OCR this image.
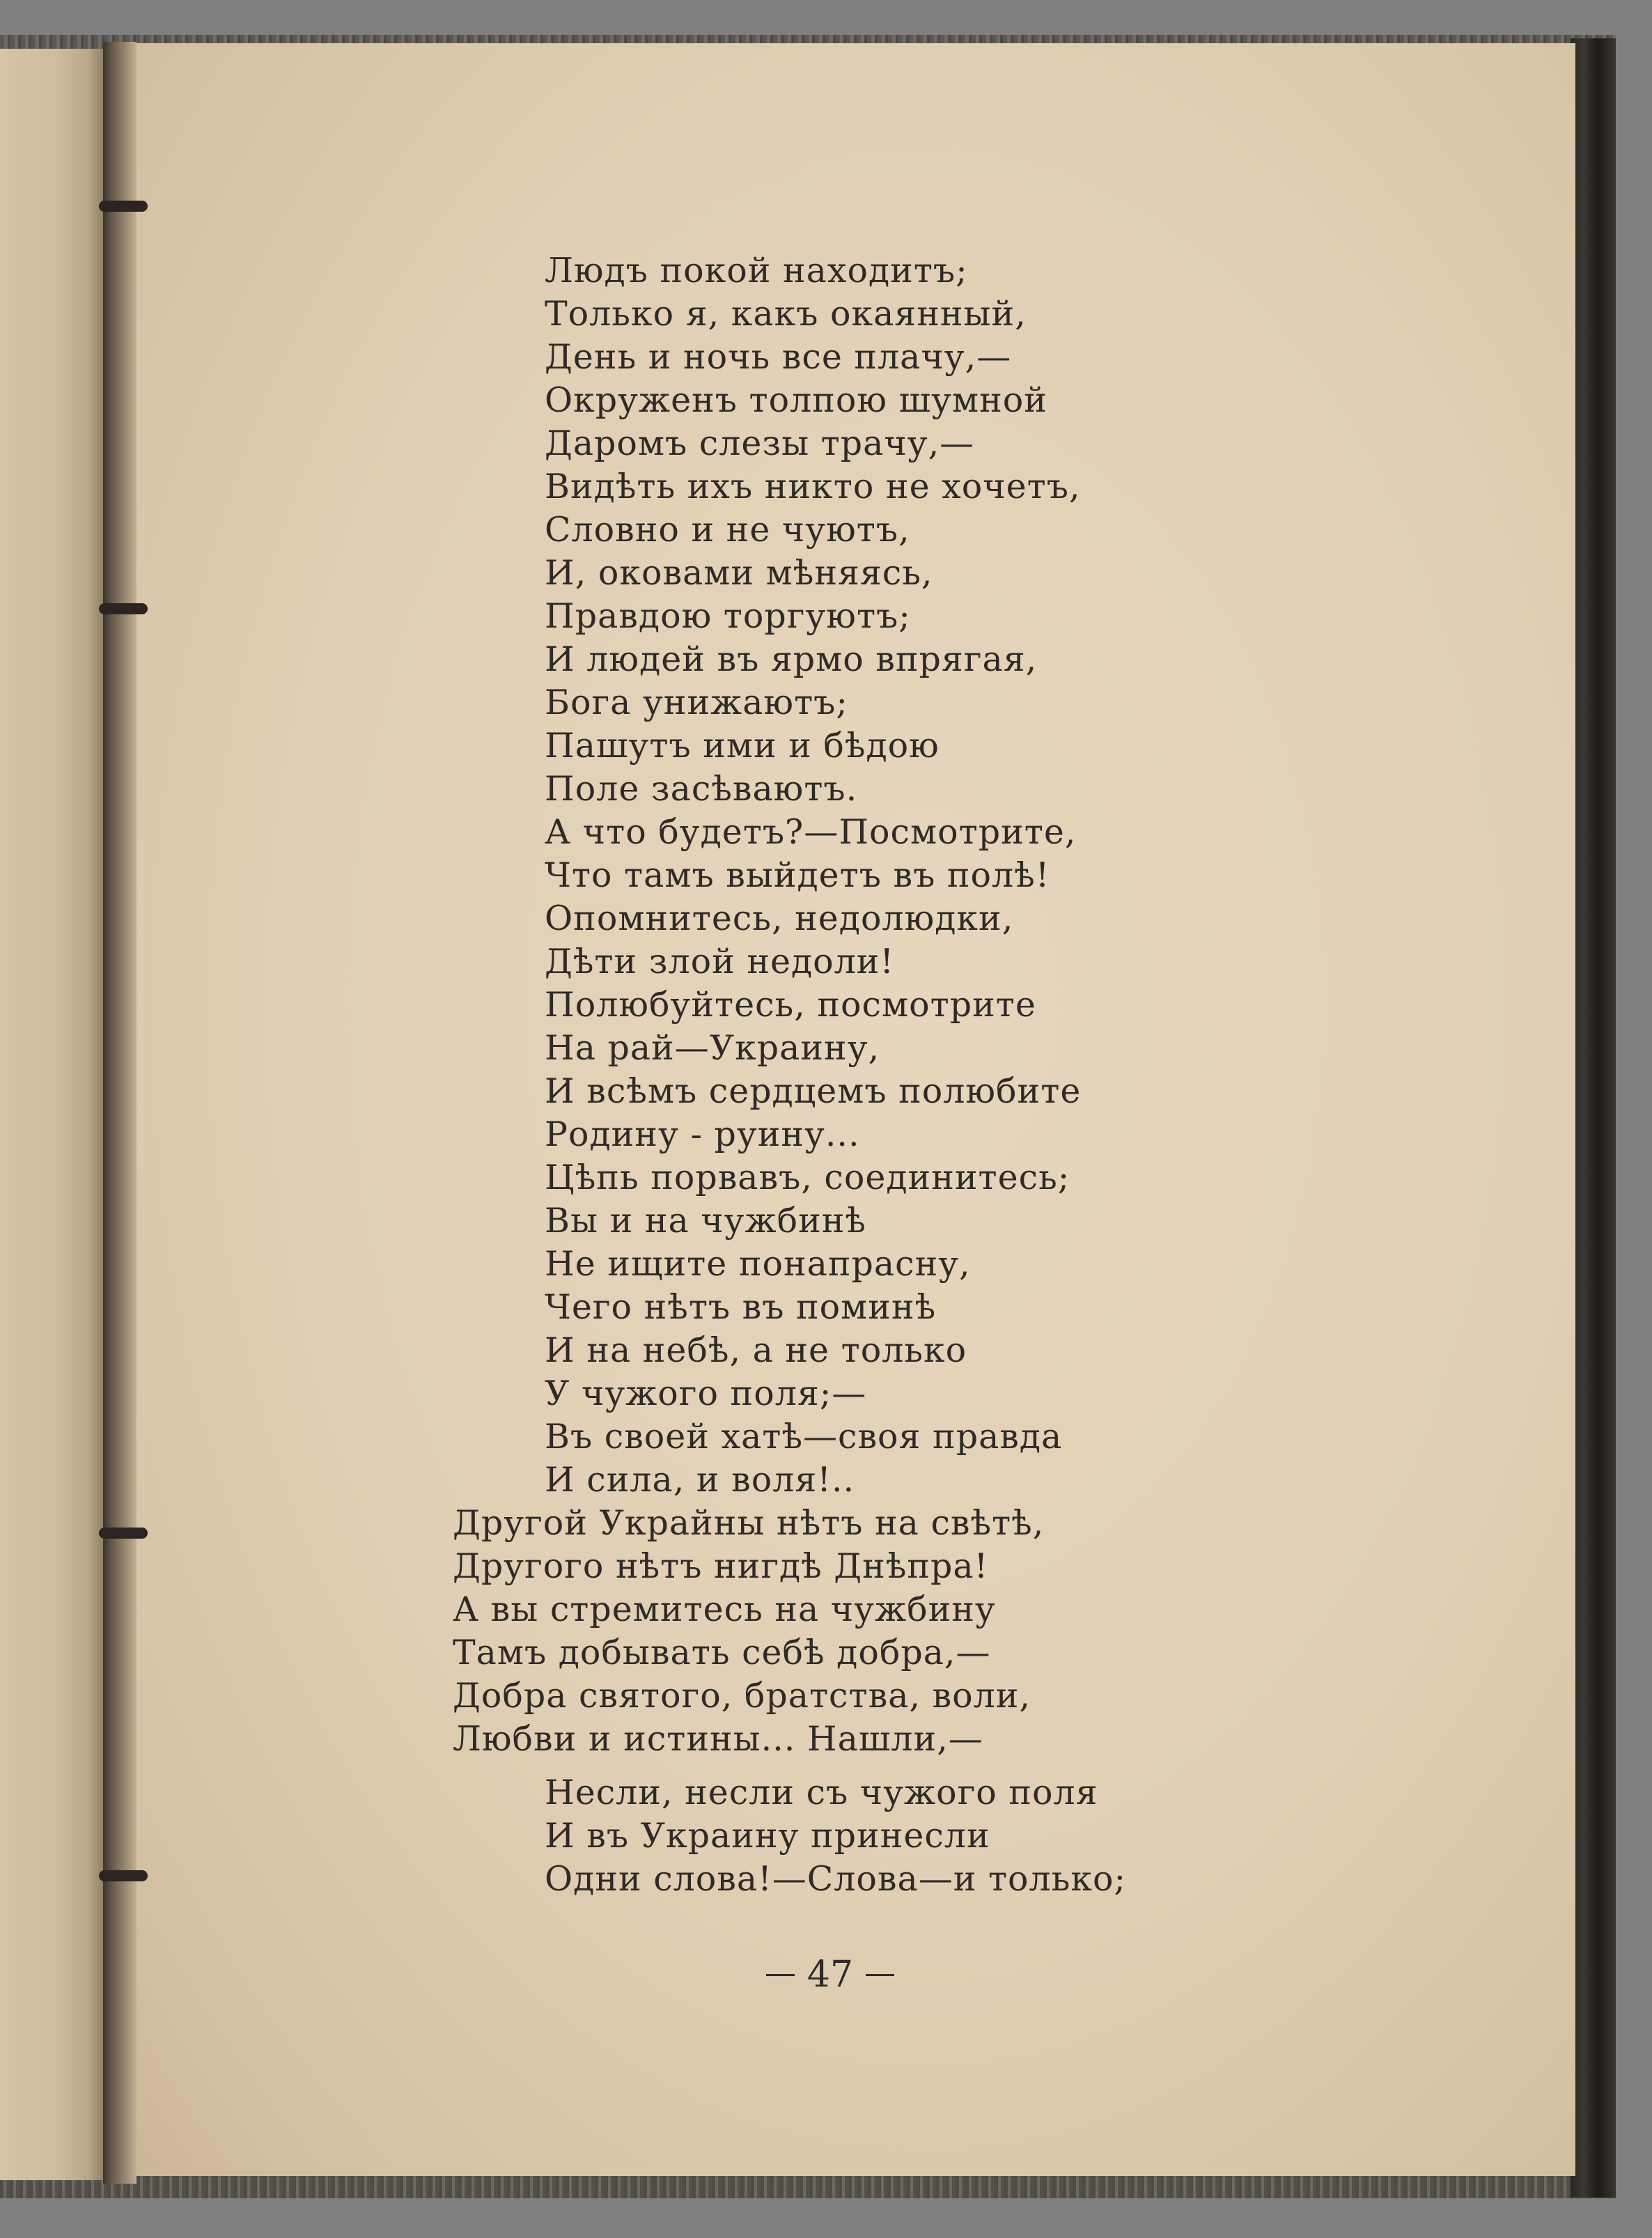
Людъ покой находитъ;
Только я, какъ окаянный,
День и ночь все плачу,—
Окруженъ толпою шумной
Даромъ слезы трачу,—
Видѣть ихъ никто не хочетъ,
Словно и не чуютъ,
И, оковами мѣняясь,
Правдою торгуютъ;
И людей въ ярмо впрягая,
Бога унижаютъ;
Пашутъ ими и бѣдою
Поле засѣваютъ.
А что будетъ?—Посмотрите,
Что тамъ выйдетъ въ полѣ!
Опомнитесь, недолюдки,
Дѣти злой недоли!
Полюбуйтесь, посмотрите
На рай—Украину,
И всѣмъ сердцемъ полюбите
Родину - руину...
Цѣпь порвавъ, соединитесь;
Вы и на чужбинѣ
Не ищите понапрасну,
Чего нѣтъ въ поминѣ
И на небѣ, а не только
У чужого поля;—
Въ своей хатѣ—своя правда
И сила, и воля!..
Другой Украйны нѣтъ на свѣтѣ,
Другого нѣтъ нигдѣ Днѣпра!
А вы стремитесь на чужбину
Тамъ добывать себѣ добра,—
Добра святого, братства, воли,
Любви и истины... Нашли,—
Несли, несли съ чужого поля
И въ Украину принесли
Одни слова!—Слова—и только;
47
